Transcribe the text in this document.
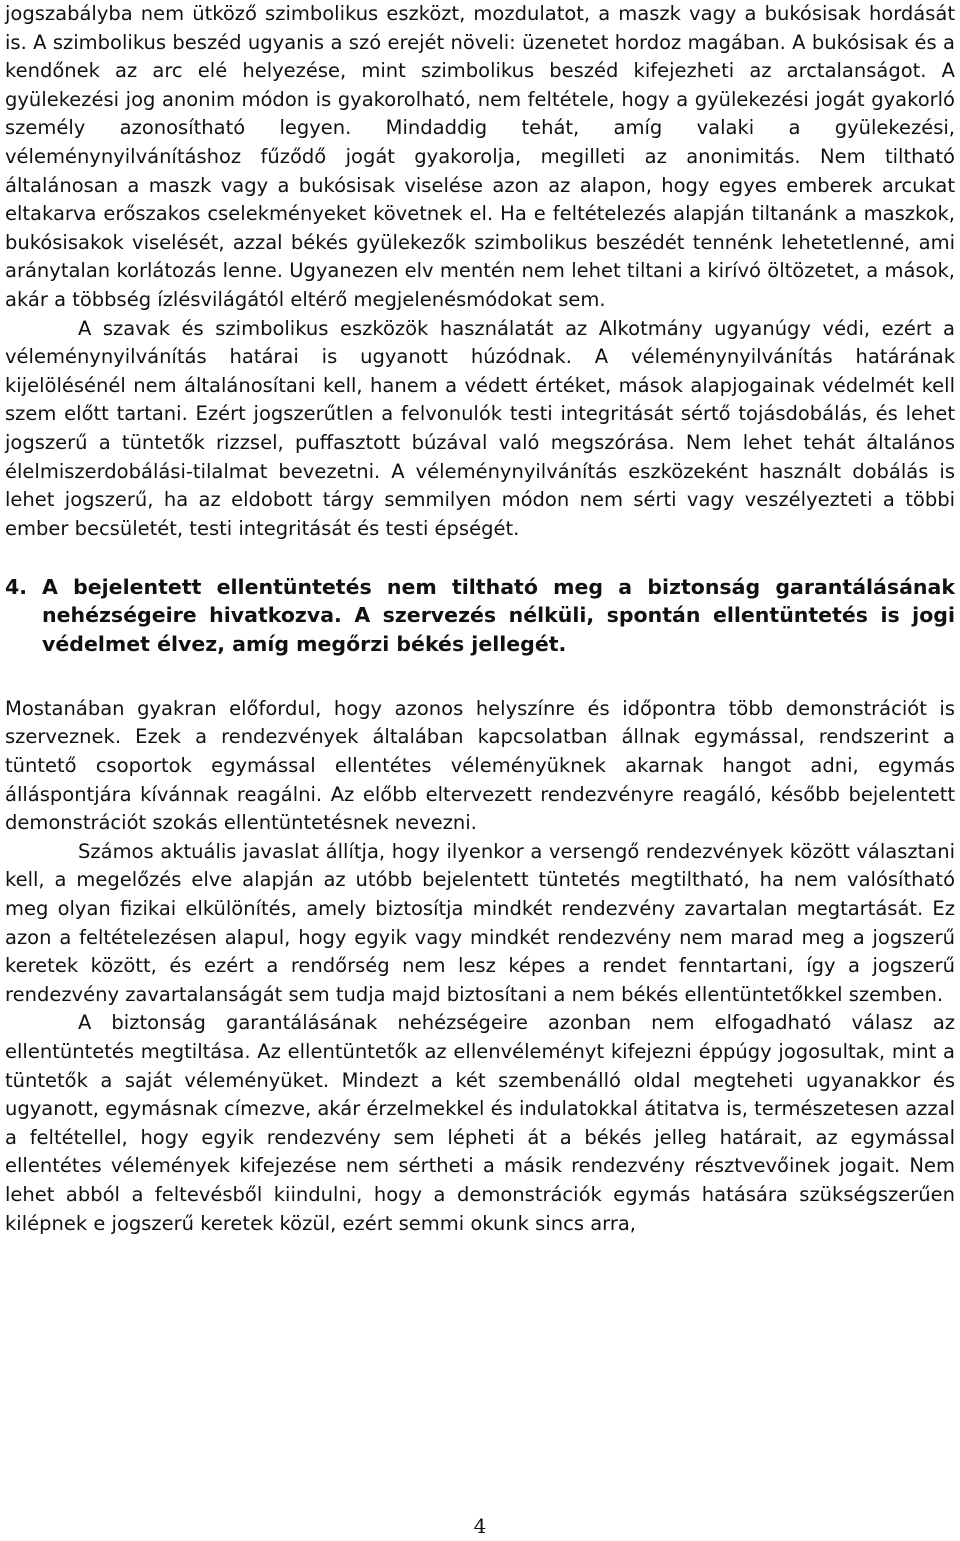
jogszabályba nem ütköző szimbolikus eszközt, mozdulatot, a maszk vagy a bukósisak hordását is. A szimbolikus beszéd ugyanis a szó erejét növeli: üzenetet hordoz magában. A bukósisak és a kendőnek az arc elé helyezése, mint szimbolikus beszéd kifejezheti az arctalanságot. A gyülekezési jog anonim módon is gyakorolható, nem feltétele, hogy a gyülekezési jogát gyakorló személy azonosítható legyen. Mindaddig tehát, amíg valaki a gyülekezési, véleménynyilvánításhoz fűződő jogát gyakorolja, megilleti az anonimitás. Nem tiltható általánosan a maszk vagy a bukósisak viselése azon az alapon, hogy egyes emberek arcukat eltakarva erőszakos cselekményeket követnek el. Ha e feltételezés alapján tiltanánk a maszkok, bukósisakok viselését, azzal békés gyülekezők szimbolikus beszédét tennénk lehetetlenné, ami aránytalan korlátozás lenne. Ugyanezen elv mentén nem lehet tiltani a kirívó öltözetet, a mások, akár a többség ízlésvilágától eltérő megjelenésmódokat sem.

A szavak és szimbolikus eszközök használatát az Alkotmány ugyanúgy védi, ezért a véleménynyilvánítás határai is ugyanott húzódnak. A véleménynyilvánítás határának kijelölésénél nem általánosítani kell, hanem a védett értéket, mások alapjogainak védelmét kell szem előtt tartani. Ezért jogszerűtlen a felvonulók testi integritását sértő tojásdobálás, és lehet jogszerű a tüntetők rizzsel, puffasztott búzával való megszórása. Nem lehet tehát általános élelmiszerdobálási-tilalmat bevezetni. A véleménynyilvánítás eszközeként használt dobálás is lehet jogszerű, ha az eldobott tárgy semmilyen módon nem sérti vagy veszélyezteti a többi ember becsületét, testi integritását és testi épségét.

4. A bejelentett ellentüntetés nem tiltható meg a biztonság garantálásának nehézségeire hivatkozva. A szervezés nélküli, spontán ellentüntetés is jogi védelmet élvez, amíg megőrzi békés jellegét.

Mostanában gyakran előfordul, hogy azonos helyszínre és időpontra több demonstrációt is szerveznek. Ezek a rendezvények általában kapcsolatban állnak egymással, rendszerint a tüntető csoportok egymással ellentétes véleményüknek akarnak hangot adni, egymás álláspontjára kívánnak reagálni. Az előbb eltervezett rendezvényre reagáló, később bejelentett demonstrációt szokás ellentüntetésnek nevezni.

Számos aktuális javaslat állítja, hogy ilyenkor a versengő rendezvények között választani kell, a megelőzés elve alapján az utóbb bejelentett tüntetés megtiltható, ha nem valósítható meg olyan fizikai elkülönítés, amely biztosítja mindkét rendezvény zavartalan megtartását. Ez azon a feltételezésen alapul, hogy egyik vagy mindkét rendezvény nem marad meg a jogszerű keretek között, és ezért a rendőrség nem lesz képes a rendet fenntartani, így a jogszerű rendezvény zavartalanságát sem tudja majd biztosítani a nem békés ellentüntetőkkel szemben.

A biztonság garantálásának nehézségeire azonban nem elfogadható válasz az ellentüntetés megtiltása. Az ellentüntetők az ellenvéleményt kifejezni éppúgy jogosultak, mint a tüntetők a saját véleményüket. Mindezt a két szembenálló oldal megteheti ugyanakkor és ugyanott, egymásnak címezve, akár érzelmekkel és indulatokkal átitatva is, természetesen azzal a feltétellel, hogy egyik rendezvény sem lépheti át a békés jelleg határait, az egymással ellentétes vélemények kifejezése nem sértheti a másik rendezvény résztvevőinek jogait. Nem lehet abból a feltevésből kiindulni, hogy a demonstrációk egymás hatására szükségszerűen kilépnek e jogszerű keretek közül, ezért semmi okunk sincs arra,

4
